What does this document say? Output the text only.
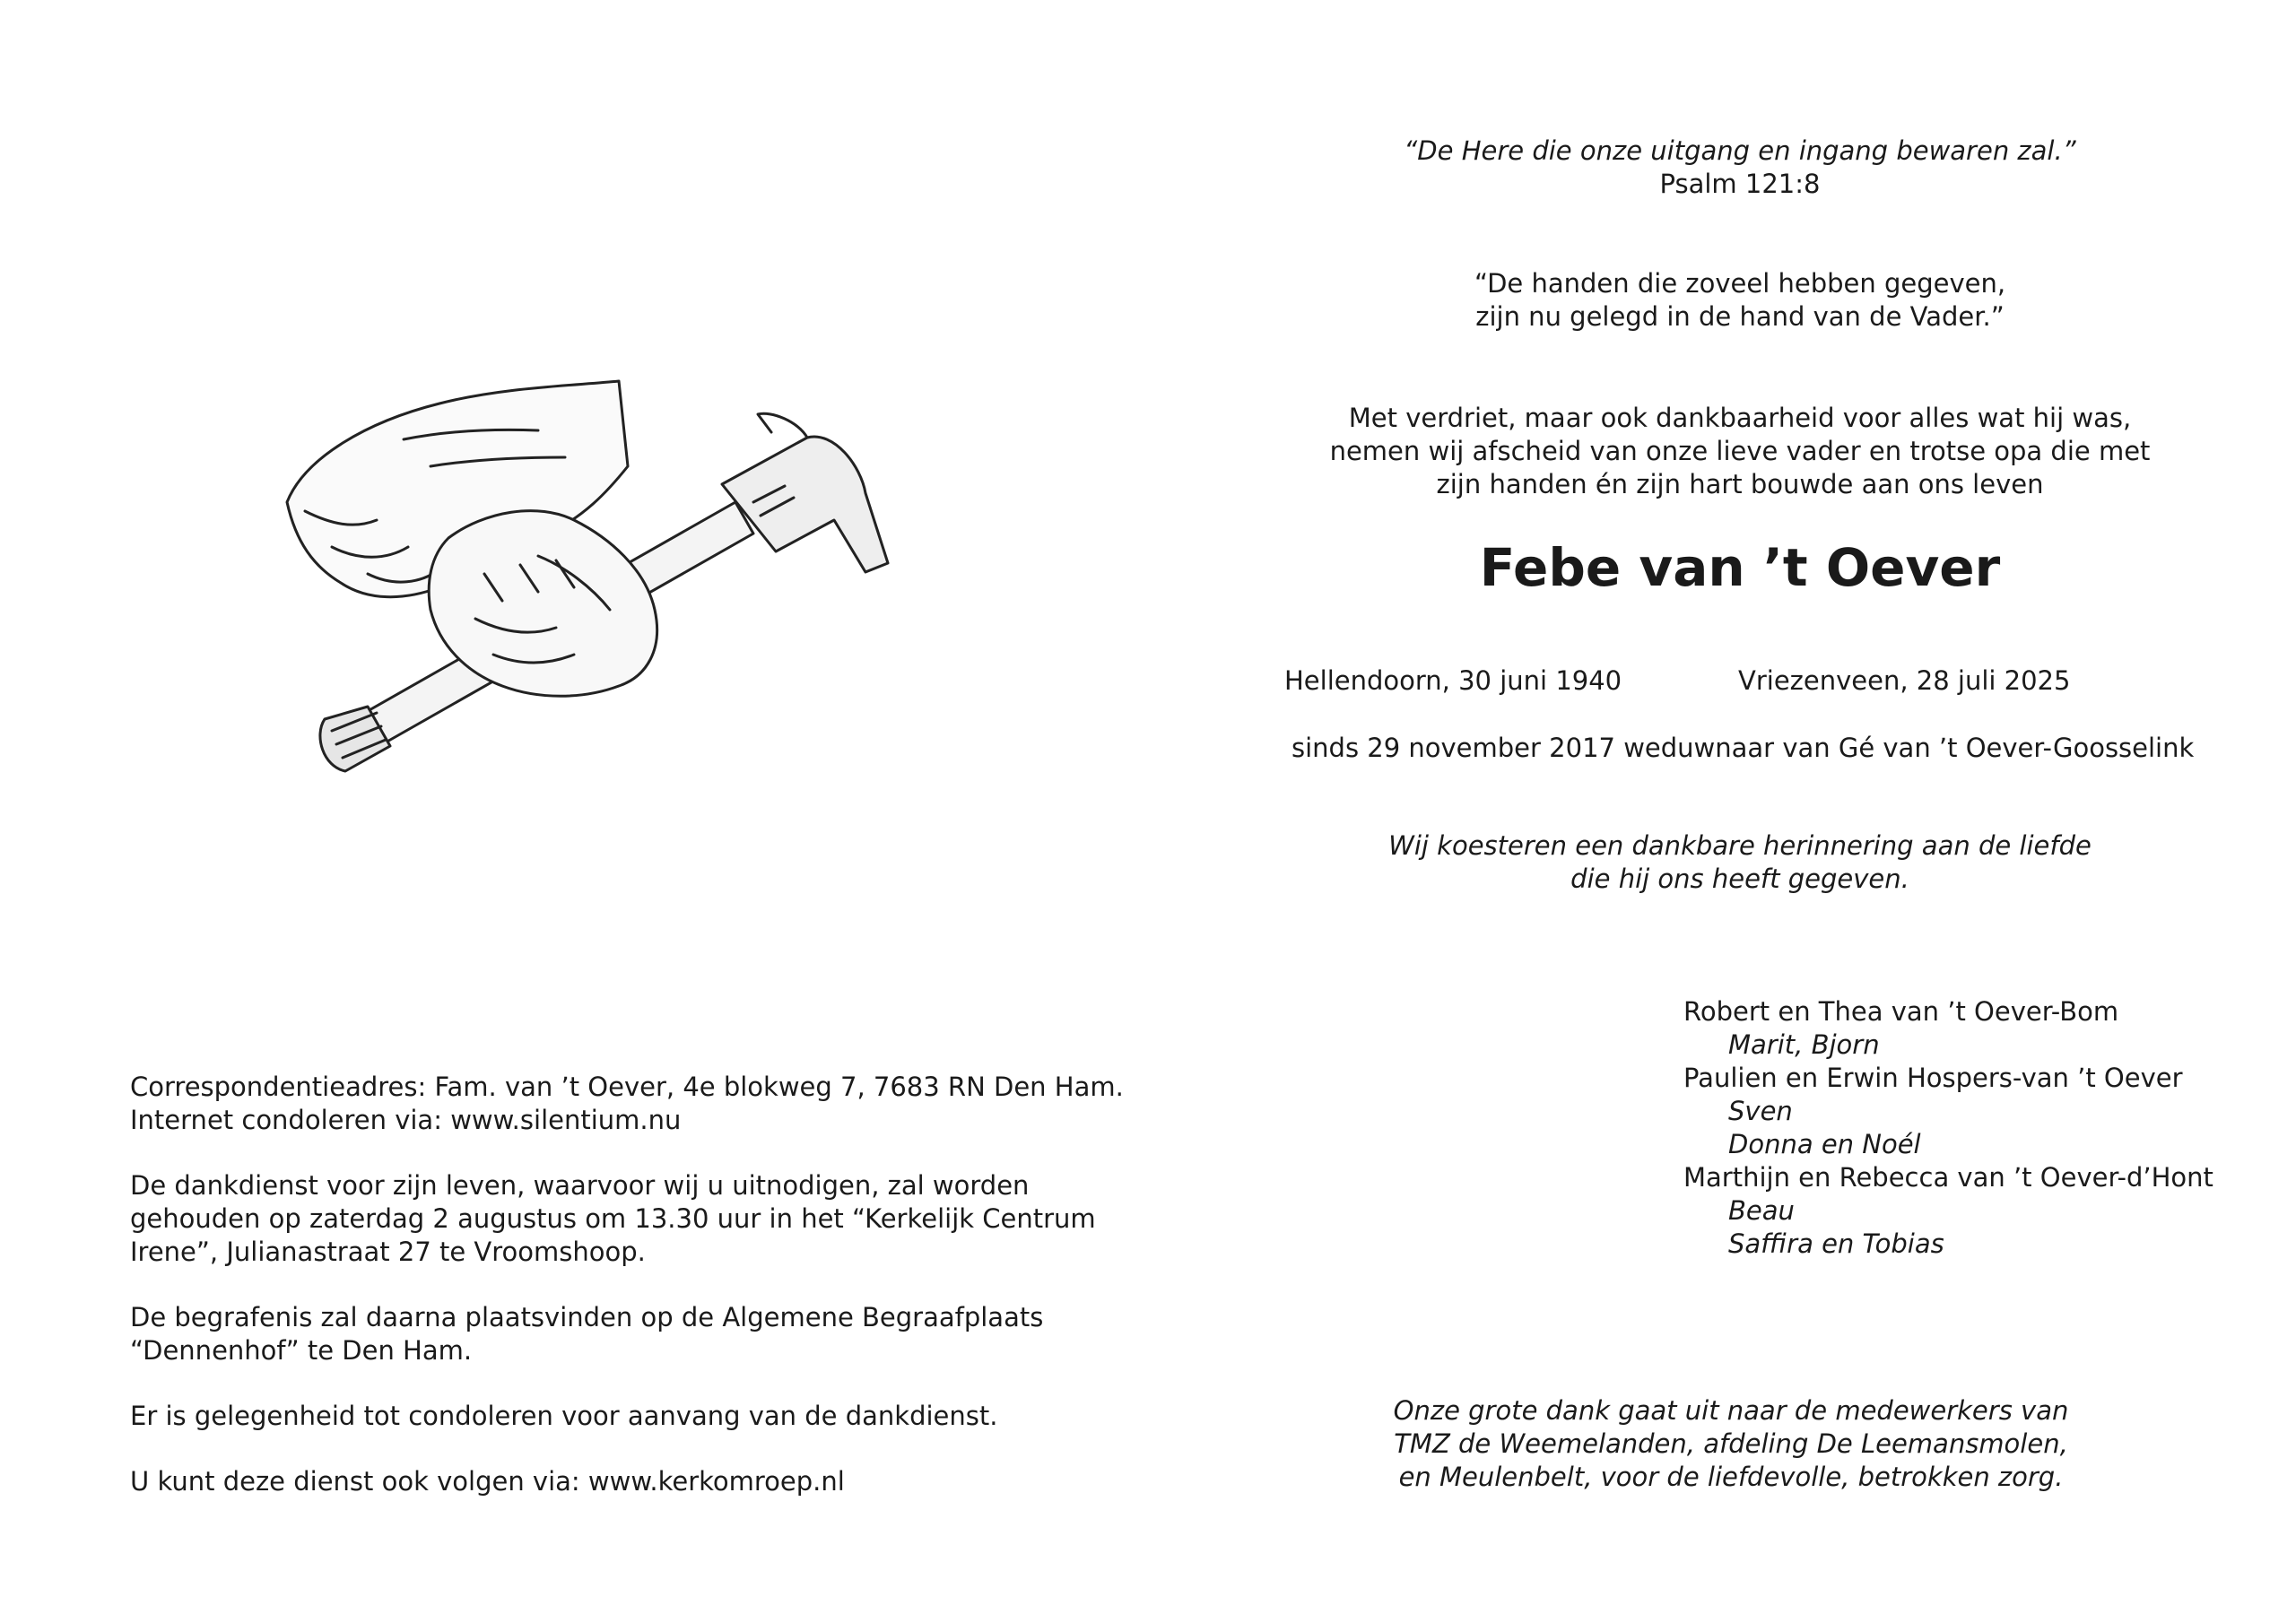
“De Here die onze uitgang en ingang bewaren zal.”
Psalm 121:8
“De handen die zoveel hebben gegeven,
zijn nu gelegd in de hand van de Vader.”
Met verdriet, maar ook dankbaarheid voor alles wat hij was,
nemen wij afscheid van onze lieve vader en trotse opa die met
zijn handen én zijn hart bouwde aan ons leven
Febe van ’t Oever
Hellendoorn, 30 juni 1940	Vriezenveen, 28 juli 2025
sinds 29 november 2017 weduwnaar van Gé van ’t Oever-Goosselink
Wij koesteren een dankbare herinnering aan de liefde
die hij ons heeft gegeven.
Robert en Thea van ’t Oever-Bom
Marit, Bjorn
Paulien en Erwin Hospers-van ’t Oever
Sven
Donna en Noél
Marthijn en Rebecca van ’t Oever-d’Hont
Beau
Saffira en Tobias
Onze grote dank gaat uit naar de medewerkers van
TMZ de Weemelanden, afdeling De Leemansmolen,
en Meulenbelt, voor de liefdevolle, betrokken zorg.

Correspondentieadres: Fam. van ’t Oever, 4e blokweg 7, 7683 RN Den Ham.
Internet condoleren via: www.silentium.nu

De dankdienst voor zijn leven, waarvoor wij u uitnodigen, zal worden
gehouden op zaterdag 2 augustus om 13.30 uur in het “Kerkelijk Centrum
Irene”, Julianastraat 27 te Vroomshoop.

De begrafenis zal daarna plaatsvinden op de Algemene Begraafplaats
“Dennenhof” te Den Ham.

Er is gelegenheid tot condoleren voor aanvang van de dankdienst.

U kunt deze dienst ook volgen via: www.kerkomroep.nl
